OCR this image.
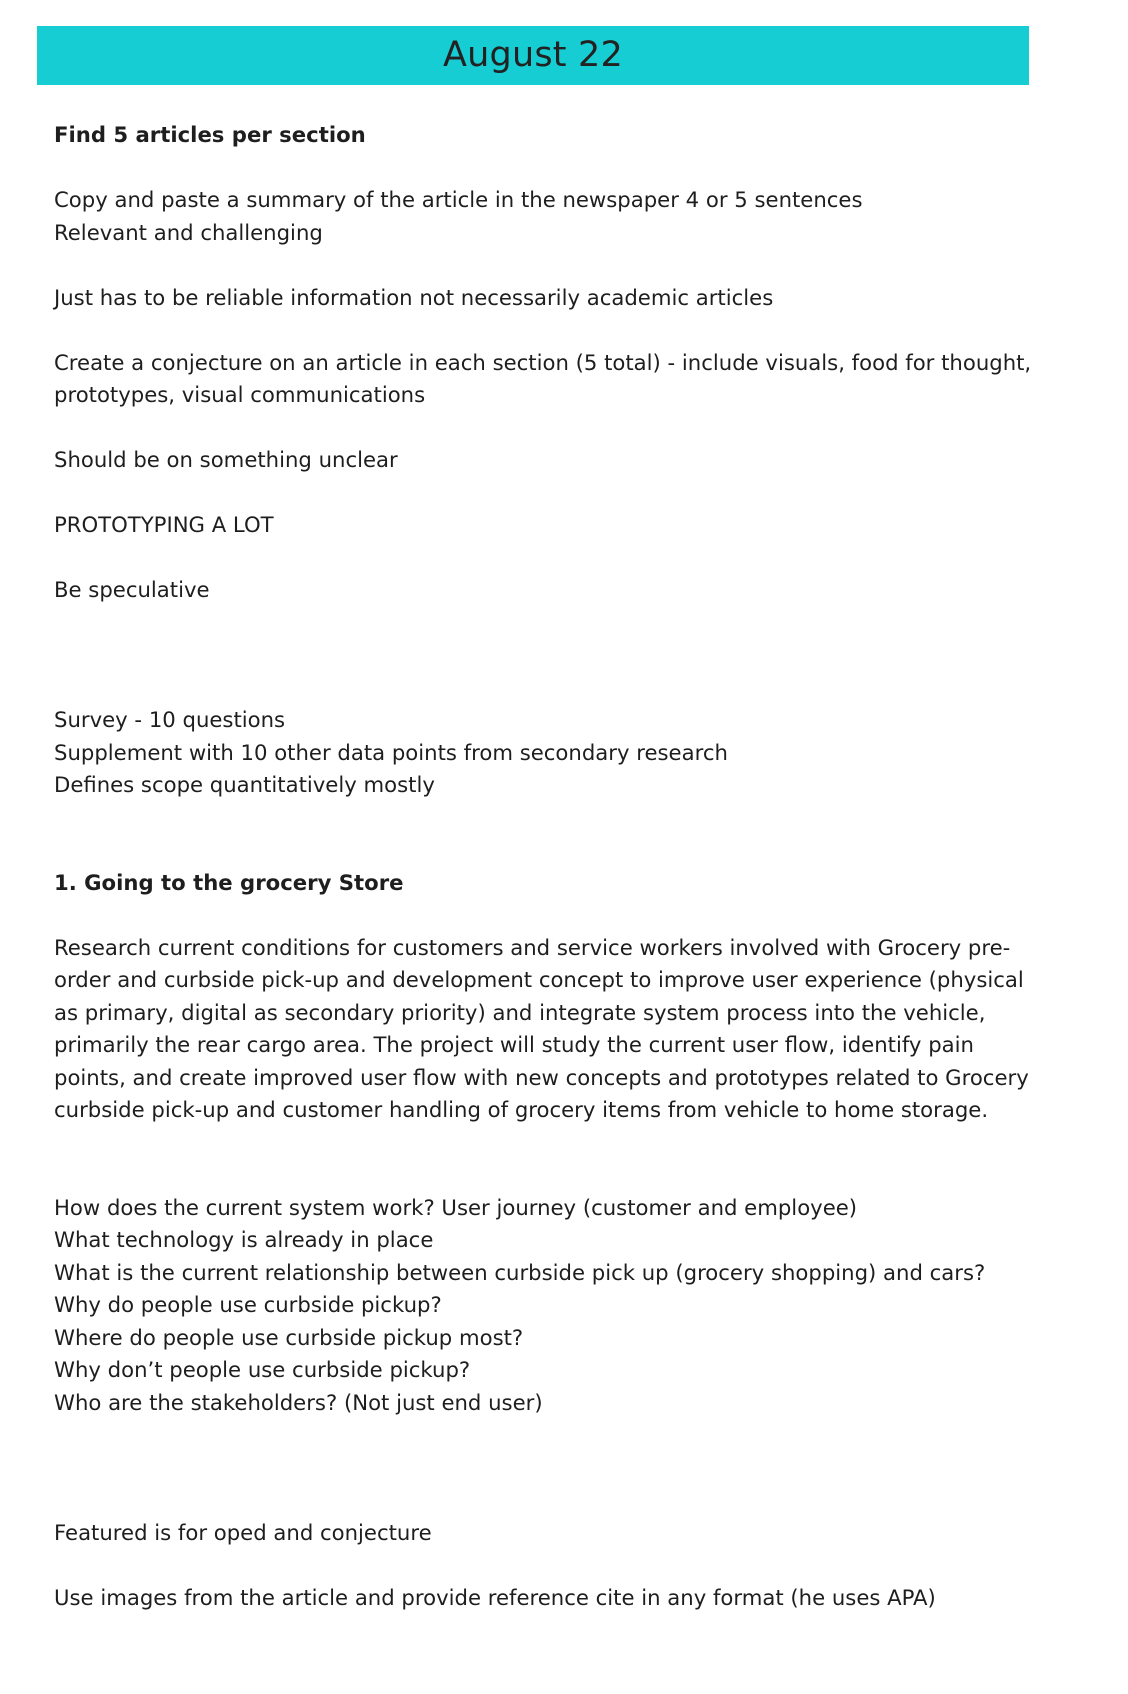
August 22

Find 5 articles per section

Copy and paste a summary of the article in the newspaper 4 or 5 sentences

Relevant and challenging

Just has to be reliable information not necessarily academic articles

Create a conjecture on an article in each section (5 total) - include visuals, food for thought,

prototypes, visual communications

Should be on something unclear

PROTOTYPING A LOT

Be speculative

Survey - 10 questions

Supplement with 10 other data points from secondary research

Defines scope quantitatively mostly

1. Going to the grocery Store

Research current conditions for customers and service workers involved with Grocery pre-

order and curbside pick-up and development concept to improve user experience (physical

as primary, digital as secondary priority) and integrate system process into the vehicle,

primarily the rear cargo area. The project will study the current user flow, identify pain

points, and create improved user flow with new concepts and prototypes related to Grocery

curbside pick-up and customer handling of grocery items from vehicle to home storage.

How does the current system work? User journey (customer and employee)

What technology is already in place

What is the current relationship between curbside pick up (grocery shopping) and cars?

Why do people use curbside pickup?

Where do people use curbside pickup most?

Why don’t people use curbside pickup?

Who are the stakeholders? (Not just end user)

Featured is for oped and conjecture

Use images from the article and provide reference cite in any format (he uses APA)
